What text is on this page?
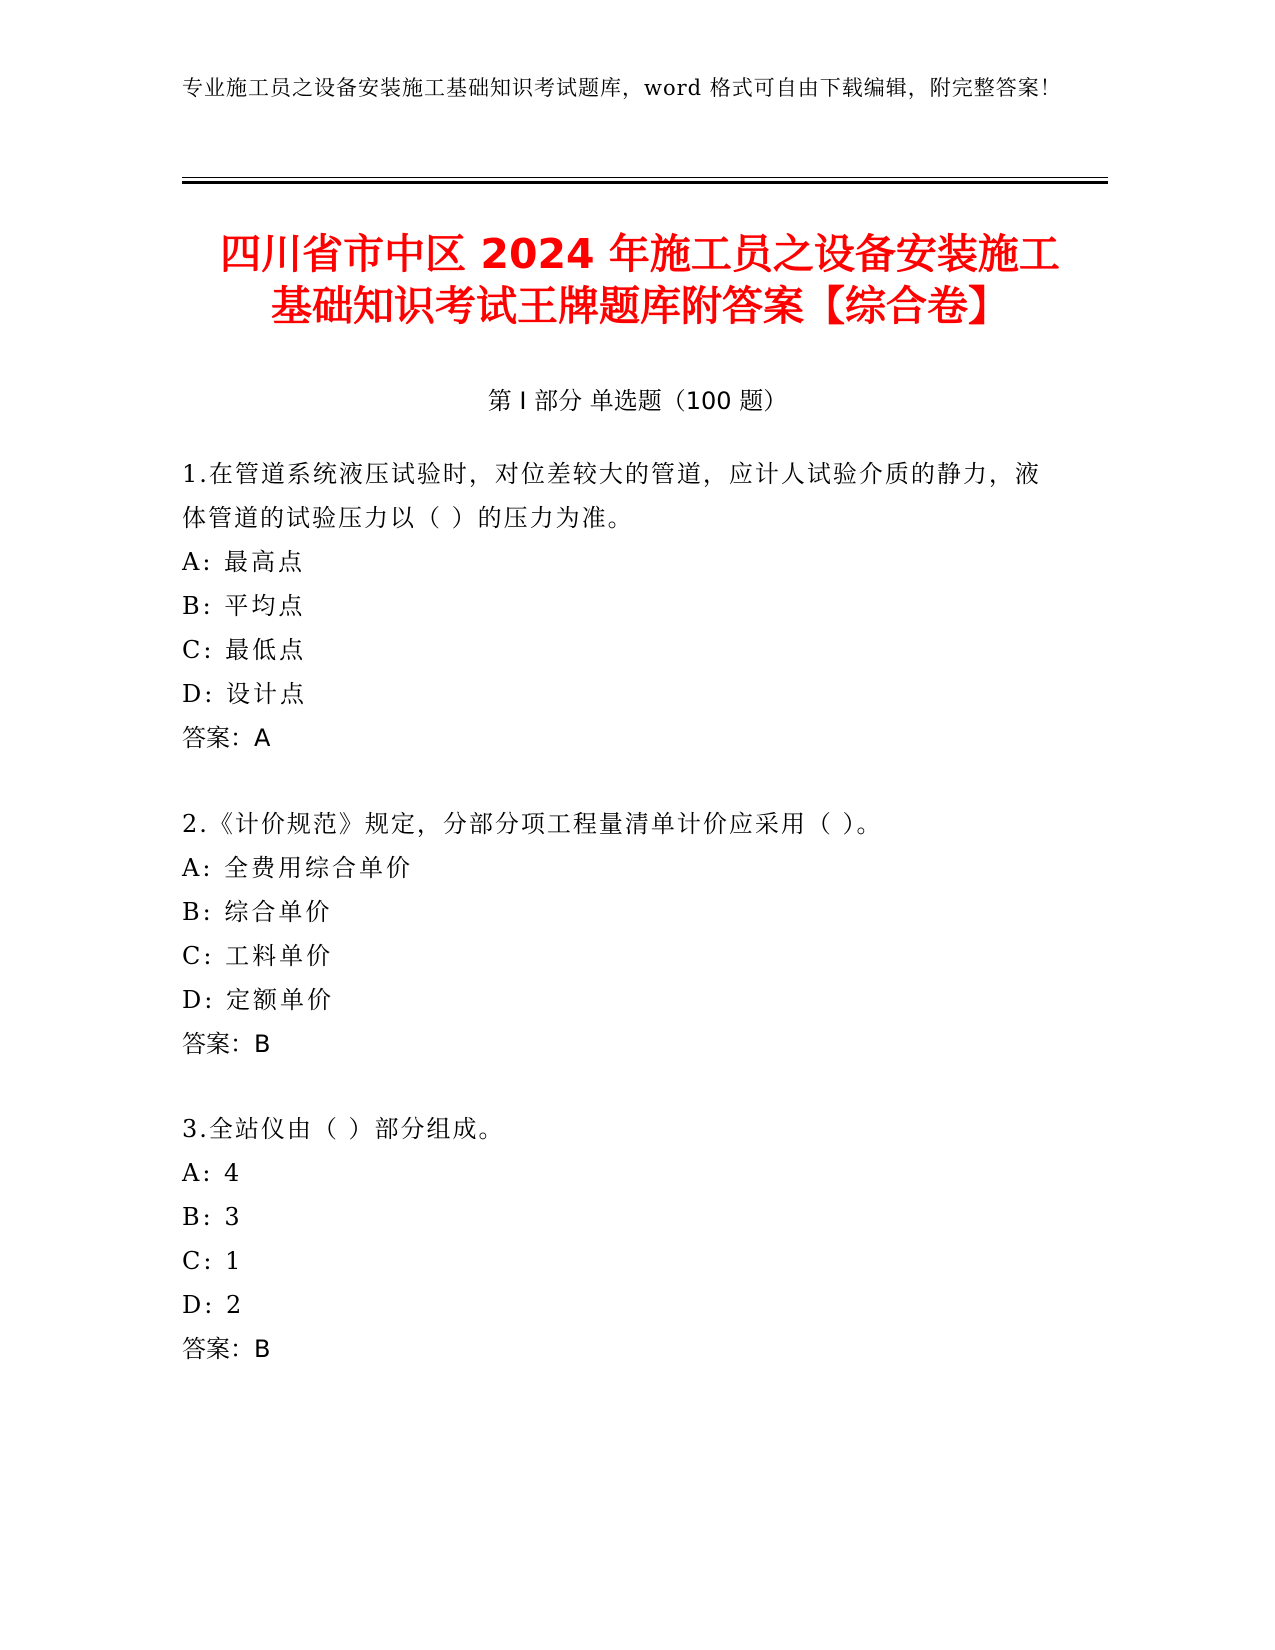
专业施工员之设备安装施工基础知识考试题库，word 格式可自由下载编辑，附完整答案！
四川省市中区 2024 年施工员之设备安装施工
基础知识考试王牌题库附答案【综合卷】
第 I 部分 单选题（100 题）
1.在管道系统液压试验时，对位差较大的管道，应计人试验介质的静力，液体管道的试验压力以（ ）的压力为准。
A: 最高点
B: 平均点
C: 最低点
D: 设计点
答案：A
2.《计价规范》规定，分部分项工程量清单计价应采用（ ）。
A: 全费用综合单价
B: 综合单价
C: 工料单价
D: 定额单价
答案：B
3.全站仪由（ ）部分组成。
A: 4
B: 3
C: 1
D: 2
答案：B
